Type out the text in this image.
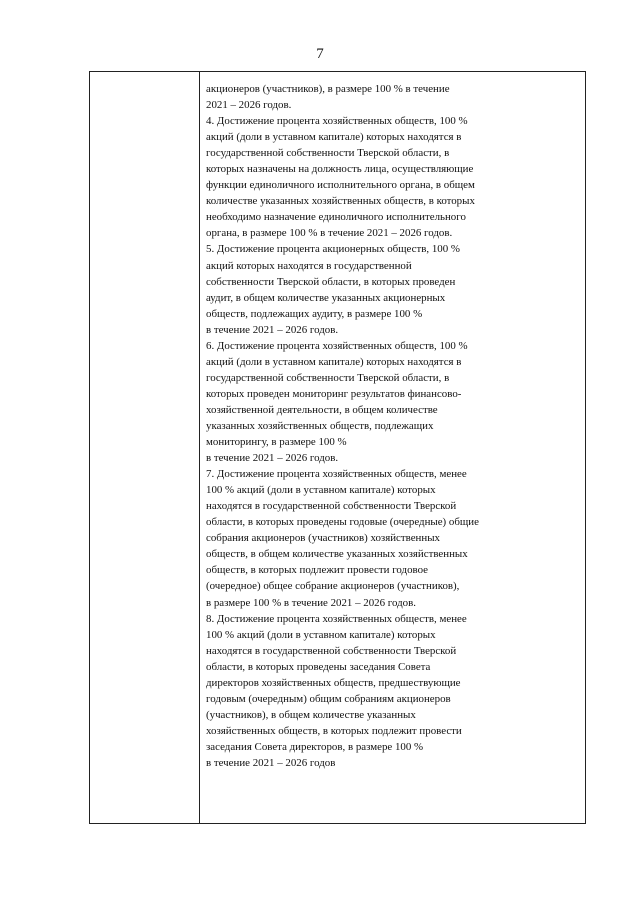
7
акционеров (участников), в размере 100 % в течение
2021 – 2026 годов.
4. Достижение процента хозяйственных обществ, 100 %
акций (доли в уставном капитале) которых находятся в
государственной собственности Тверской области, в
которых назначены на должность лица, осуществляющие
функции единоличного исполнительного органа, в общем
количестве указанных хозяйственных обществ, в которых
необходимо назначение единоличного исполнительного
органа, в размере 100 % в течение 2021 – 2026 годов.
5. Достижение процента акционерных обществ, 100 %
акций которых находятся в государственной
собственности Тверской области, в которых проведен
аудит, в общем количестве указанных акционерных
обществ, подлежащих аудиту, в размере 100 %
в течение 2021 – 2026 годов.
6. Достижение процента хозяйственных обществ, 100 %
акций (доли в уставном капитале) которых находятся в
государственной собственности Тверской области, в
которых проведен мониторинг результатов финансово-
хозяйственной деятельности, в общем количестве
указанных хозяйственных обществ, подлежащих
мониторингу, в размере 100 %
в течение 2021 – 2026 годов.
7. Достижение процента хозяйственных обществ, менее
100 % акций (доли в уставном капитале) которых
находятся в государственной собственности Тверской
области, в которых проведены годовые (очередные) общие
собрания акционеров (участников) хозяйственных
обществ, в общем количестве указанных хозяйственных
обществ, в которых подлежит провести годовое
(очередное) общее собрание акционеров (участников),
в размере 100 % в течение 2021 – 2026 годов.
8. Достижение процента хозяйственных обществ, менее
100 % акций (доли в уставном капитале) которых
находятся в государственной собственности Тверской
области, в которых проведены заседания Совета
директоров хозяйственных обществ, предшествующие
годовым (очередным) общим собраниям акционеров
(участников), в общем количестве указанных
хозяйственных обществ, в которых подлежит провести
заседания Совета директоров, в размере 100 %
в течение 2021 – 2026 годов
